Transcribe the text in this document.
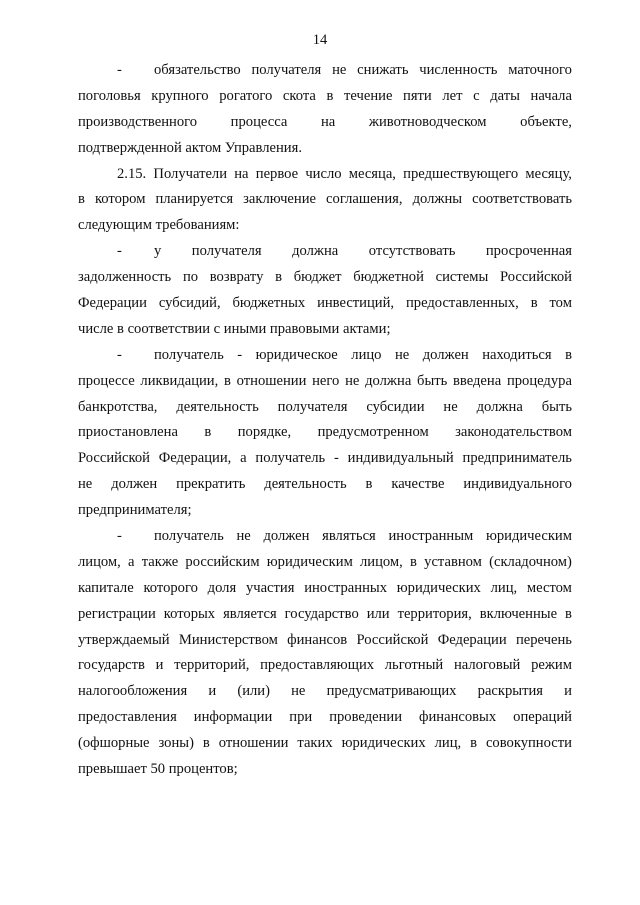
14
-	обязательство получателя не снижать численность маточного
поголовья крупного рогатого скота в течение пяти лет с даты начала
производственного процесса на животноводческом объекте,
подтвержденной актом Управления.
2.15. Получатели на первое число месяца, предшествующего месяцу,
в котором планируется заключение соглашения, должны соответствовать
следующим требованиям:
-	у получателя должна отсутствовать просроченная
задолженность по возврату в бюджет бюджетной системы Российской
Федерации субсидий, бюджетных инвестиций, предоставленных, в том
числе в соответствии с иными правовыми актами;
-	получатель - юридическое лицо не должен находиться в
процессе ликвидации, в отношении него не должна быть введена процедура
банкротства, деятельность получателя субсидии не должна быть
приостановлена в порядке, предусмотренном законодательством
Российской Федерации, а получатель - индивидуальный предприниматель
не должен прекратить деятельность в качестве индивидуального
предпринимателя;
-	получатель не должен являться иностранным юридическим
лицом, а также российским юридическим лицом, в уставном (складочном)
капитале которого доля участия иностранных юридических лиц, местом
регистрации которых является государство или территория, включенные в
утверждаемый Министерством финансов Российской Федерации перечень
государств и территорий, предоставляющих льготный налоговый режим
налогообложения и (или) не предусматривающих раскрытия и
предоставления информации при проведении финансовых операций
(офшорные зоны) в отношении таких юридических лиц, в совокупности
превышает 50 процентов;
